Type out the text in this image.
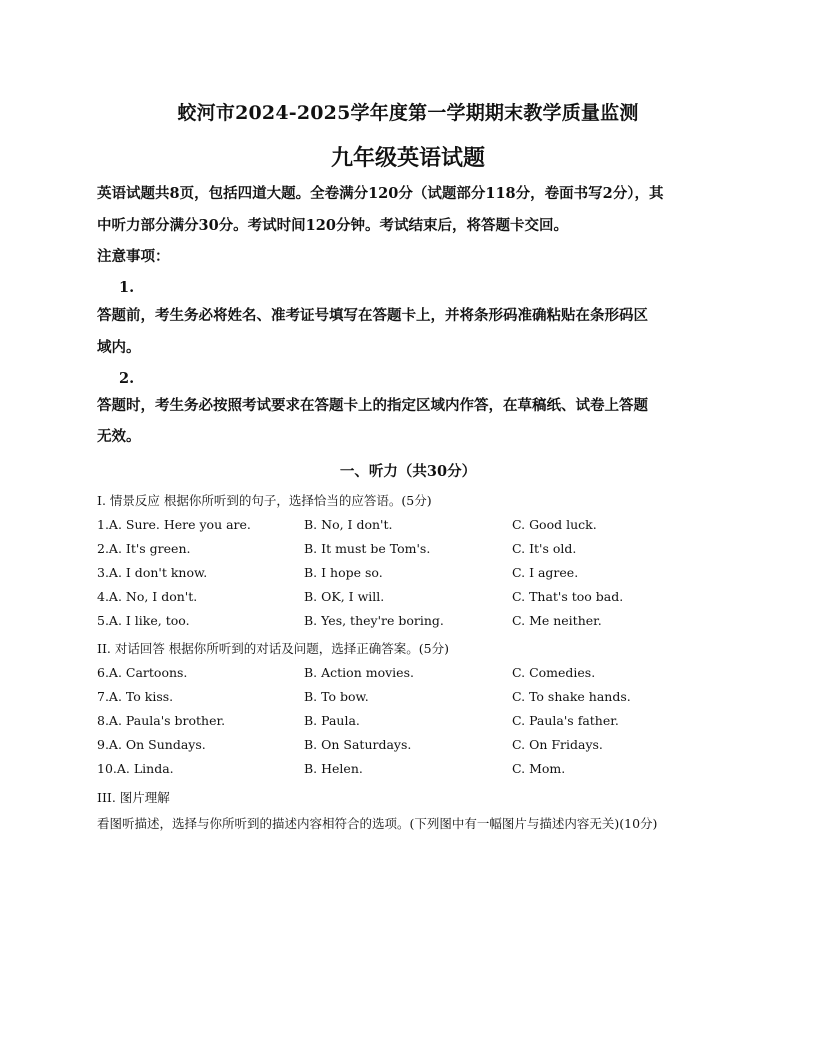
蛟河市2024-2025学年度第一学期期末教学质量监测
九年级英语试题
英语试题共8页，包括四道大题。全卷满分120分（试题部分118分，卷面书写2分），其
中听力部分满分30分。考试时间120分钟。考试结束后，将答题卡交回。
注意事项：
1.
答题前，考生务必将姓名、准考证号填写在答题卡上，并将条形码准确粘贴在条形码区
域内。
2.
答题时，考生务必按照考试要求在答题卡上的指定区域内作答，在草稿纸、试卷上答题
无效。
一、听力（共30分）
I. 情景反应 根据你所听到的句子，选择恰当的应答语。(5分)
1.A. Sure. Here you are.	B. No, I don't.	C. Good luck.
2.A. It's green.	B. It must be Tom's.	C. It's old.
3.A. I don't know.	B. I hope so.	C. I agree.
4.A. No, I don't.	B. OK, I will.	C. That's too bad.
5.A. I like, too.	B. Yes, they're boring.	C. Me neither.
II. 对话回答 根据你所听到的对话及问题，选择正确答案。(5分)
6.A. Cartoons.	B. Action movies.	C. Comedies.
7.A. To kiss.	B. To bow.	C. To shake hands.
8.A. Paula's brother.	B. Paula.	C. Paula's father.
9.A. On Sundays.	B. On Saturdays.	C. On Fridays.
10.A. Linda.	B. Helen.	C. Mom.
III. 图片理解
看图听描述，选择与你所听到的描述内容相符合的选项。(下列图中有一幅图片与描述内容无关)(10分)
